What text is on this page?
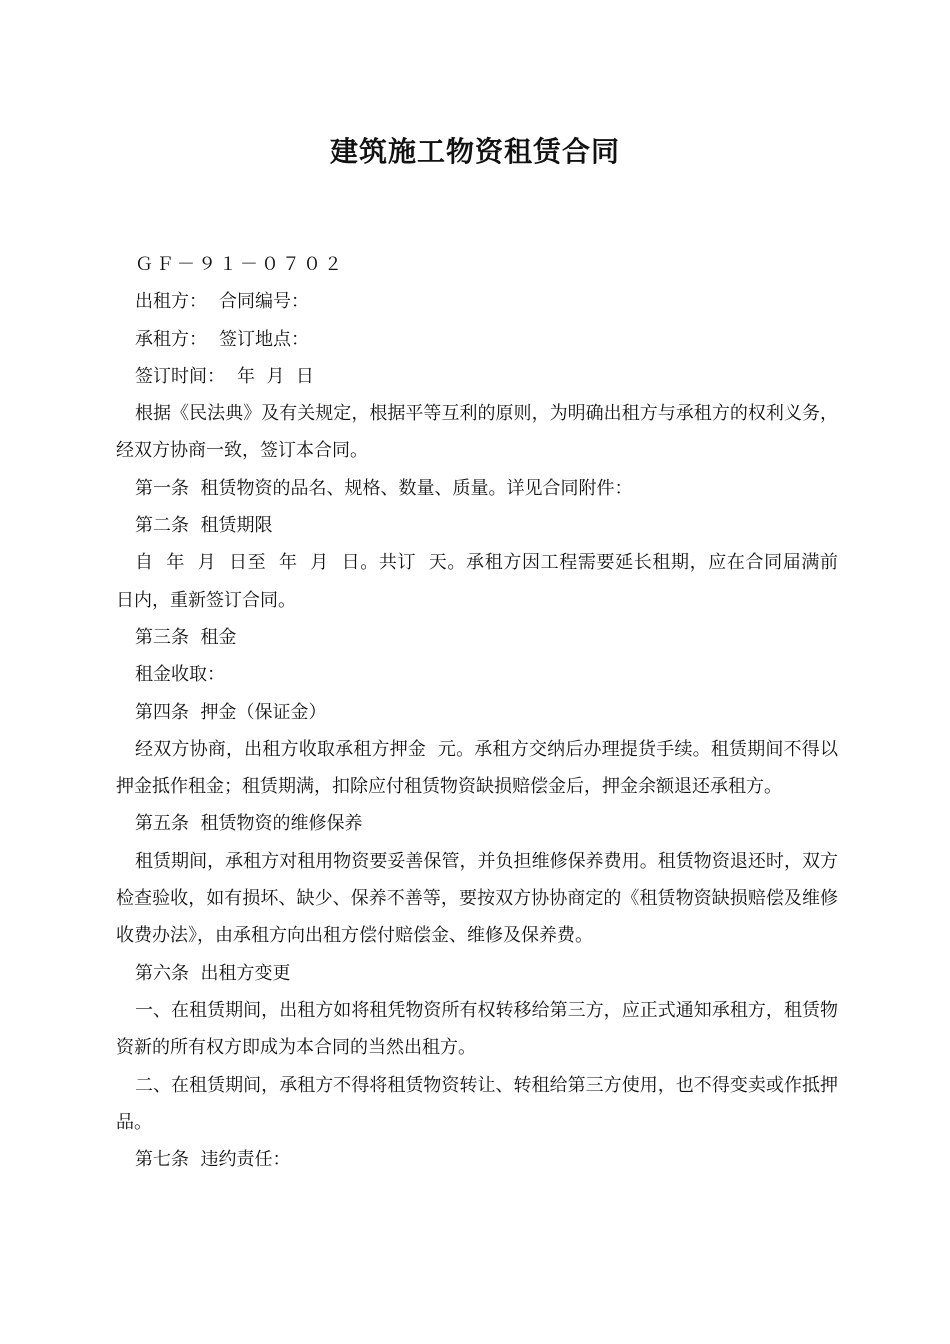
建筑施工物资租赁合同

ＧＦ－９１－０７０２

出租方： 合同编号：

承租方： 签订地点：

签订时间： 年  月  日

根据《民法典》及有关规定，根据平等互利的原则，为明确出租方与承租方的权利义务，经双方协商一致，签订本合同。

第一条  租赁物资的品名、规格、数量、质量。详见合同附件：

第二条  租赁期限

自  年  月  日至  年  月  日。共订  天。承租方因工程需要延长租期，应在合同届满前  日内，重新签订合同。

第三条  租金

租金收取：

第四条  押金（保证金）

经双方协商，出租方收取承租方押金  元。承租方交纳后办理提货手续。租赁期间不得以押金抵作租金；租赁期满，扣除应付租赁物资缺损赔偿金后，押金余额退还承租方。

第五条  租赁物资的维修保养

租赁期间，承租方对租用物资要妥善保管，并负担维修保养费用。租赁物资退还时，双方检查验收，如有损坏、缺少、保养不善等，要按双方协协商定的《租赁物资缺损赔偿及维修收费办法》，由承租方向出租方偿付赔偿金、维修及保养费。

第六条  出租方变更

一、在租赁期间，出租方如将租凭物资所有权转移给第三方，应正式通知承租方，租赁物资新的所有权方即成为本合同的当然出租方。

二、在租赁期间，承租方不得将租赁物资转让、转租给第三方使用，也不得变卖或作抵押品。

第七条  违约责任：
